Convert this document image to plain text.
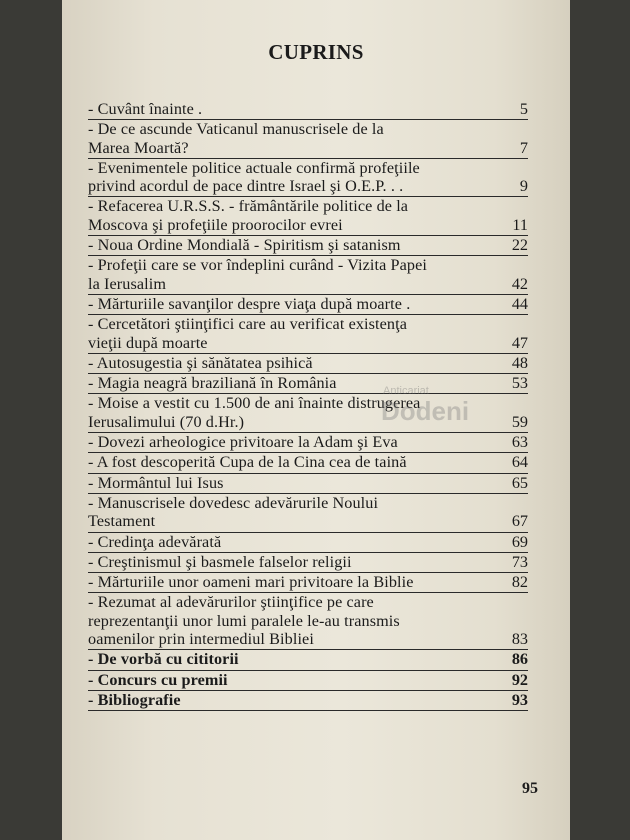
CUPRINS
- Cuvânt înainte .	5
- De ce ascunde Vaticanul manuscrisele de la
Marea Moartă?	7
- Evenimentele politice actuale confirmă profeţiile
privind acordul de pace dintre Israel şi O.E.P. . .	9
- Refacerea U.R.S.S. - frământările politice de la
Moscova şi profeţiile proorocilor evrei	11
- Noua Ordine Mondială - Spiritism şi satanism	22
- Profeţii care se vor îndeplini curând - Vizita Papei
la Ierusalim	42
- Mărturiile savanţilor despre viaţa după moarte .	44
- Cercetători ştiinţifici care au verificat existenţa
vieţii după moarte	47
- Autosugestia şi sănătatea psihică	48
- Magia neagră braziliană în România	53
- Moise a vestit cu 1.500 de ani înainte distrugerea
Ierusalimului (70 d.Hr.)	59
- Dovezi arheologice privitoare la Adam şi Eva	63
- A fost descoperită Cupa de la Cina cea de taină	64
- Mormântul lui Isus	65
- Manuscrisele dovedesc adevărurile Noului
Testament	67
- Credinţa adevărată	69
- Creştinismul şi basmele falselor religii	73
- Mărturiile unor oameni mari privitoare la Biblie	82
- Rezumat al adevărurilor ştiinţifice pe care
reprezentanţii unor lumi paralele le-au transmis
oamenilor prin intermediul Bibliei	83
- De vorbă cu cititorii	86
- Concurs cu premii	92
- Bibliografie	93
Anticariat
Dodeni
95
